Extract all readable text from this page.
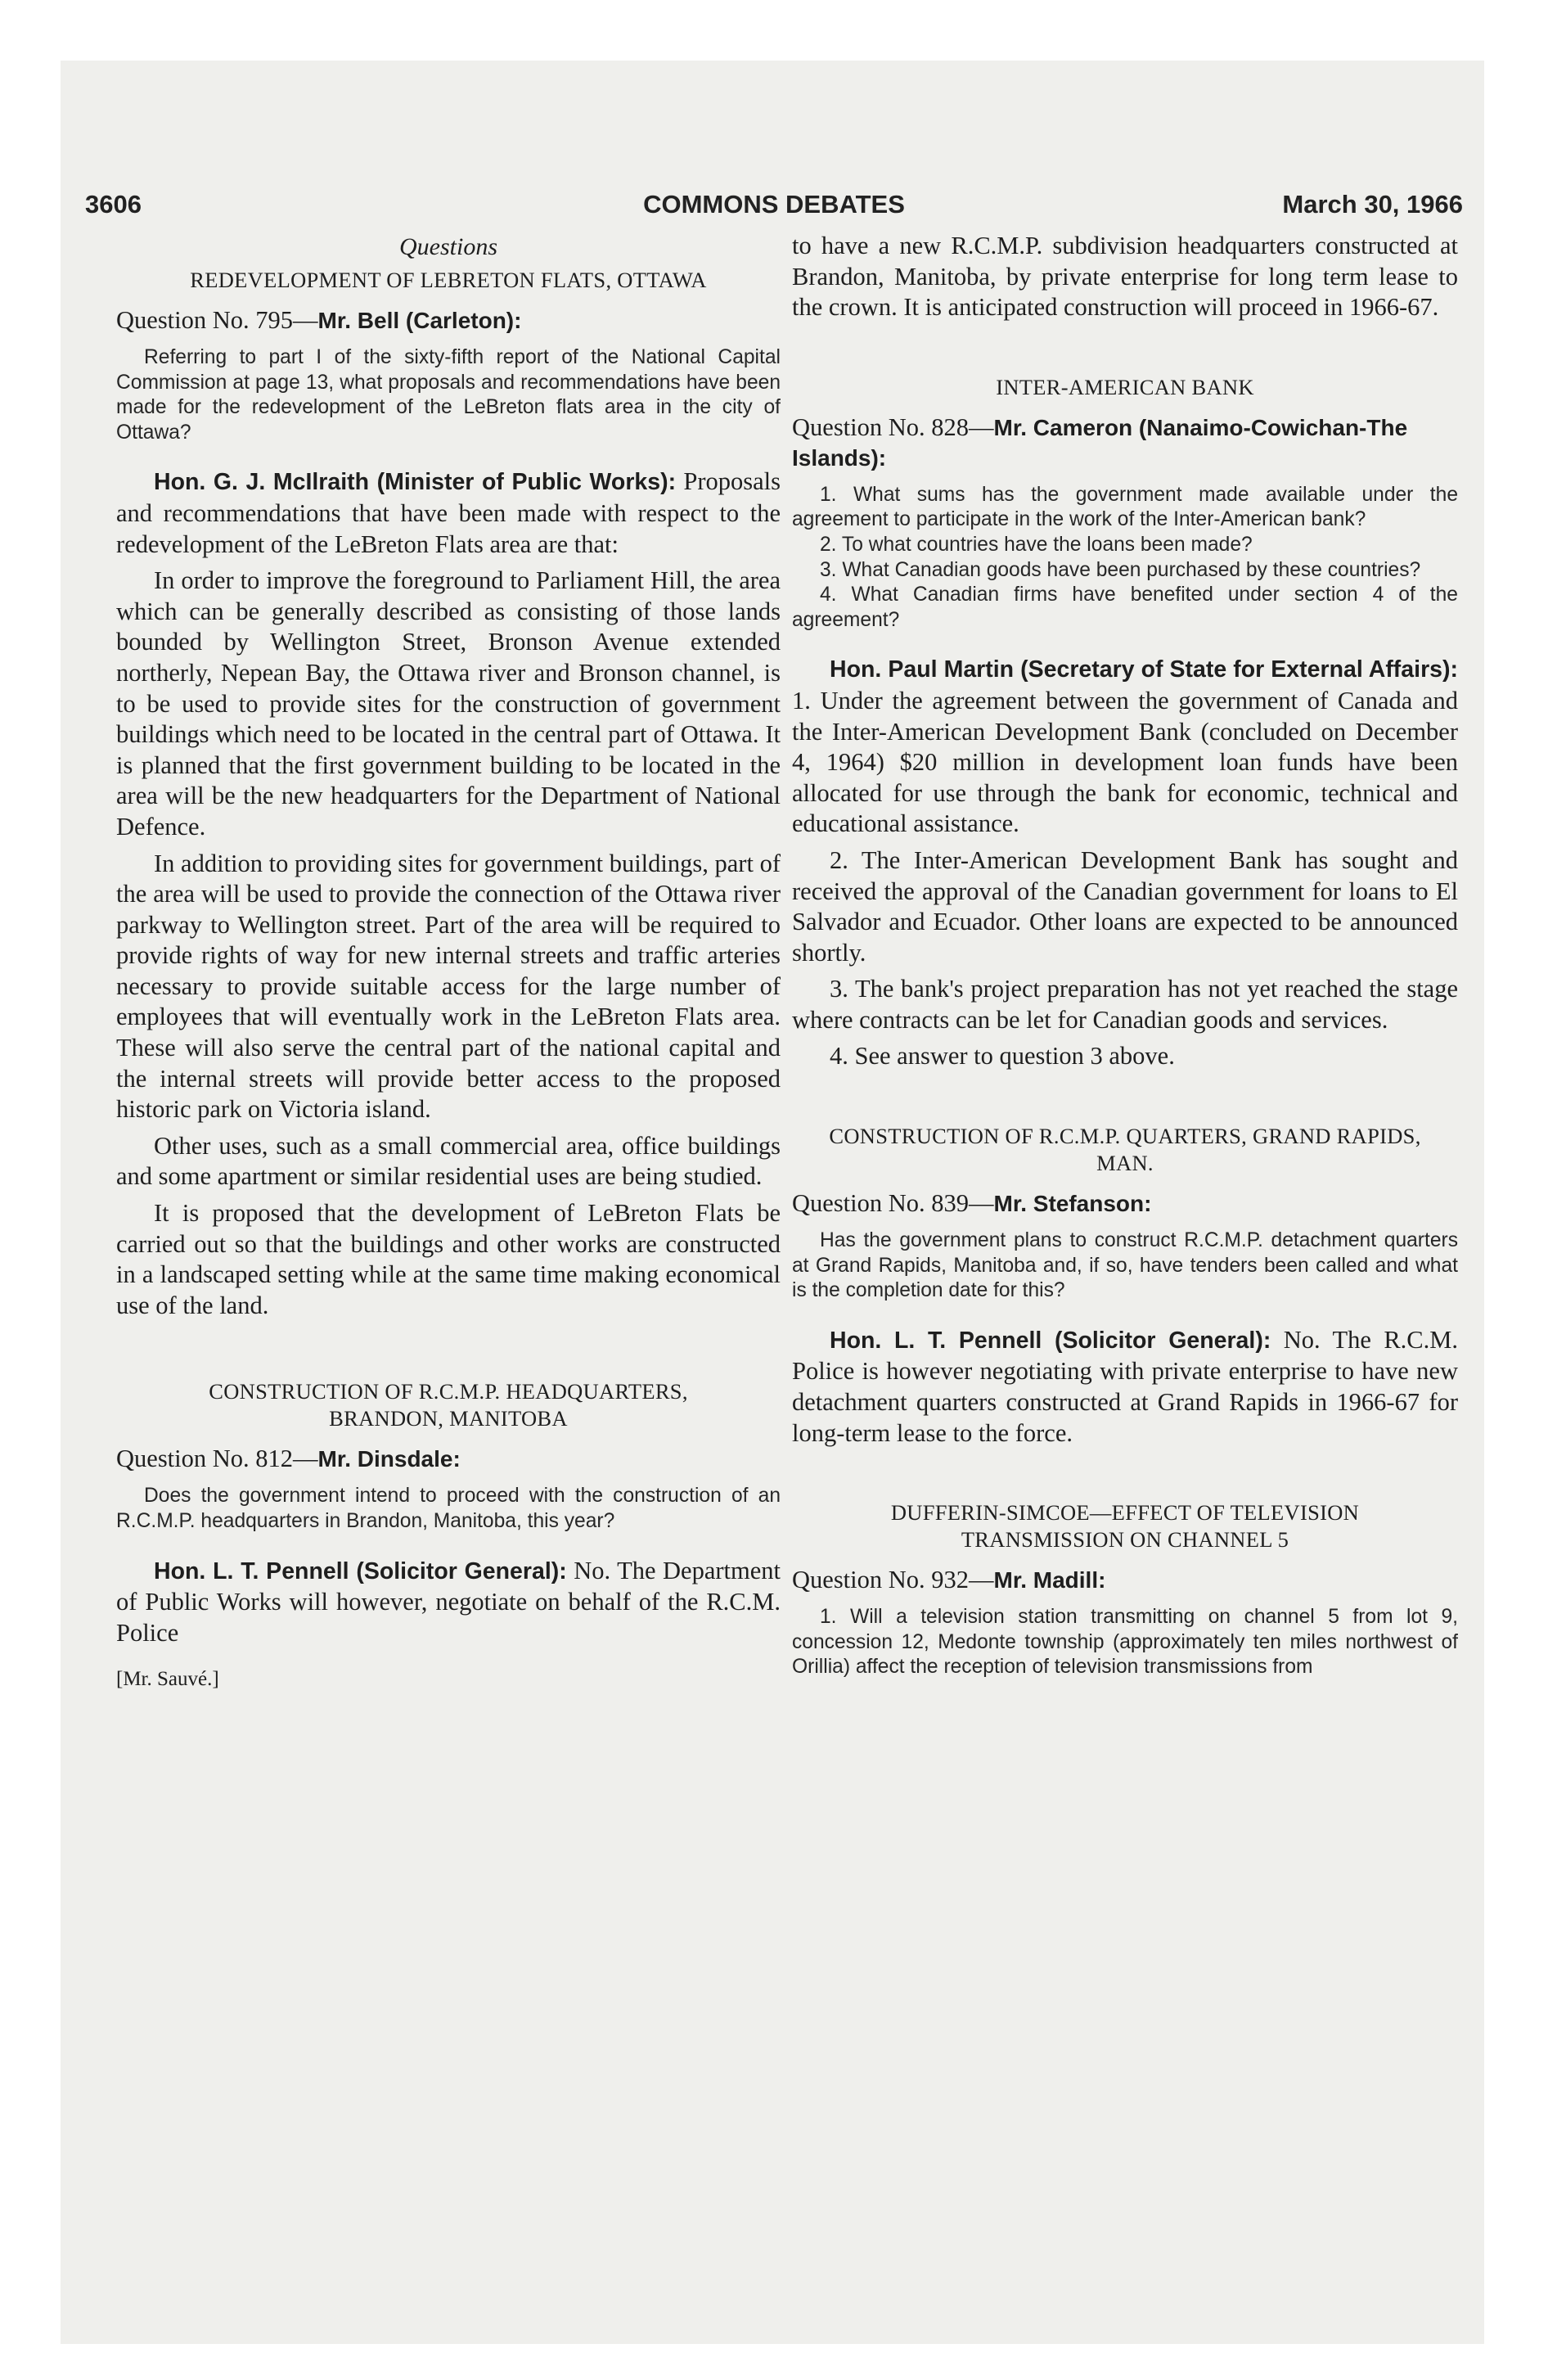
3606	COMMONS DEBATES	March 30, 1966
Questions
REDEVELOPMENT OF LEBRETON FLATS, OTTAWA
Question No. 795—Mr. Bell (Carleton):

Referring to part I of the sixty-fifth report of the National Capital Commission at page 13, what proposals and recommendations have been made for the redevelopment of the LeBreton flats area in the city of Ottawa?

Hon. G. J. McIlraith (Minister of Public Works): Proposals and recommendations that have been made with respect to the redevelopment of the LeBreton Flats area are that:

In order to improve the foreground to Parliament Hill, the area which can be generally described as consisting of those lands bounded by Wellington Street, Bronson Avenue extended northerly, Nepean Bay, the Ottawa river and Bronson channel, is to be used to provide sites for the construction of government buildings which need to be located in the central part of Ottawa. It is planned that the first government building to be located in the area will be the new headquarters for the Department of National Defence.

In addition to providing sites for government buildings, part of the area will be used to provide the connection of the Ottawa river parkway to Wellington street. Part of the area will be required to provide rights of way for new internal streets and traffic arteries necessary to provide suitable access for the large number of employees that will eventually work in the LeBreton Flats area. These will also serve the central part of the national capital and the internal streets will provide better access to the proposed historic park on Victoria island.

Other uses, such as a small commercial area, office buildings and some apartment or similar residential uses are being studied.

It is proposed that the development of LeBreton Flats be carried out so that the buildings and other works are constructed in a landscaped setting while at the same time making economical use of the land.

CONSTRUCTION OF R.C.M.P. HEADQUARTERS, BRANDON, MANITOBA
Question No. 812—Mr. Dinsdale:

Does the government intend to proceed with the construction of an R.C.M.P. headquarters in Brandon, Manitoba, this year?

Hon. L. T. Pennell (Solicitor General): No. The Department of Public Works will however, negotiate on behalf of the R.C.M. Police

[Mr. Sauvé.]

to have a new R.C.M.P. subdivision headquarters constructed at Brandon, Manitoba, by private enterprise for long term lease to the crown. It is anticipated construction will proceed in 1966-67.

INTER-AMERICAN BANK
Question No. 828—Mr. Cameron (Nanaimo-Cowichan-The Islands):

1. What sums has the government made available under the agreement to participate in the work of the Inter-American bank?

2. To what countries have the loans been made?

3. What Canadian goods have been purchased by these countries?

4. What Canadian firms have benefited under section 4 of the agreement?

Hon. Paul Martin (Secretary of State for External Affairs): 1. Under the agreement between the government of Canada and the Inter-American Development Bank (concluded on December 4, 1964) $20 million in development loan funds have been allocated for use through the bank for economic, technical and educational assistance.

2. The Inter-American Development Bank has sought and received the approval of the Canadian government for loans to El Salvador and Ecuador. Other loans are expected to be announced shortly.

3. The bank's project preparation has not yet reached the stage where contracts can be let for Canadian goods and services.

4. See answer to question 3 above.

CONSTRUCTION OF R.C.M.P. QUARTERS, GRAND RAPIDS, MAN.
Question No. 839—Mr. Stefanson:

Has the government plans to construct R.C.M.P. detachment quarters at Grand Rapids, Manitoba and, if so, have tenders been called and what is the completion date for this?

Hon. L. T. Pennell (Solicitor General): No. The R.C.M. Police is however negotiating with private enterprise to have new detachment quarters constructed at Grand Rapids in 1966-67 for long-term lease to the force.

DUFFERIN-SIMCOE—EFFECT OF TELEVISION TRANSMISSION ON CHANNEL 5
Question No. 932—Mr. Madill:

1. Will a television station transmitting on channel 5 from lot 9, concession 12, Medonte township (approximately ten miles northwest of Orillia) affect the reception of television transmissions from
